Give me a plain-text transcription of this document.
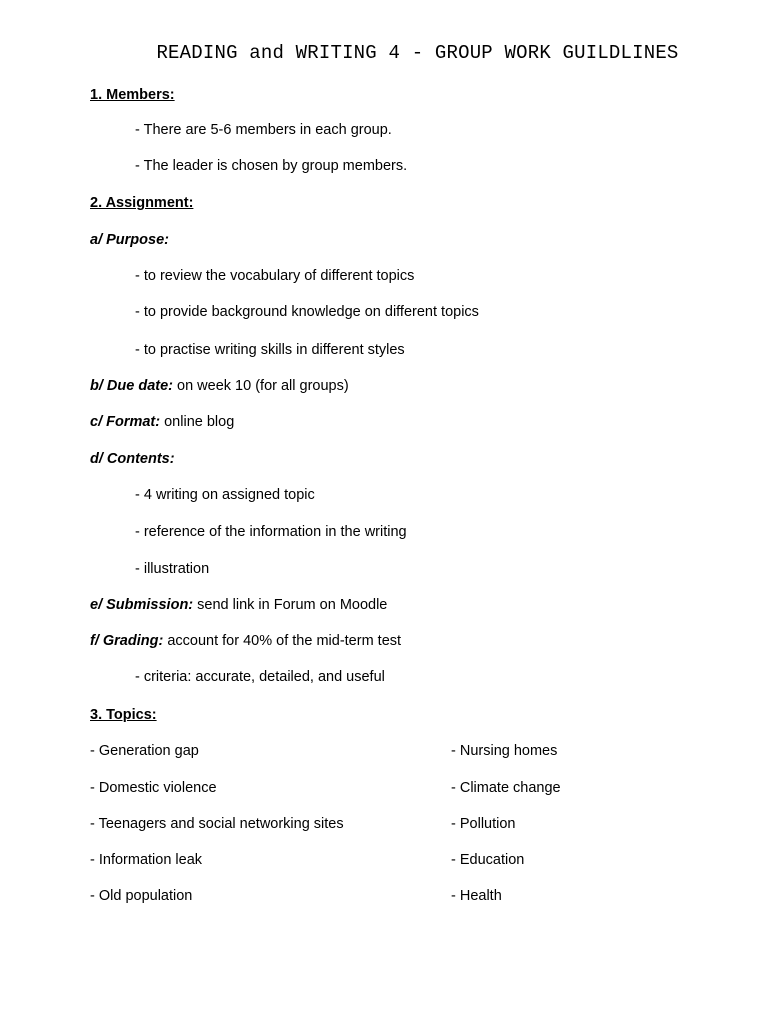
READING and WRITING 4 - GROUP WORK GUILDLINES
1. Members:
- There are 5-6 members in each group.
- The leader is chosen by group members.
2. Assignment:
a/ Purpose:
- to review the vocabulary of different topics
- to provide background knowledge on different topics
- to practise writing skills in different styles
b/ Due date: on week 10 (for all groups)
c/ Format: online blog
d/ Contents:
- 4 writing on assigned topic
- reference of the information in the writing
- illustration
e/ Submission: send link in Forum on Moodle
f/ Grading: account for 40% of the mid-term test
- criteria: accurate, detailed, and useful
3. Topics:
- Generation gap	- Nursing homes
- Domestic violence	- Climate change
- Teenagers and social networking sites	- Pollution
- Information leak	- Education
- Old population	- Health
